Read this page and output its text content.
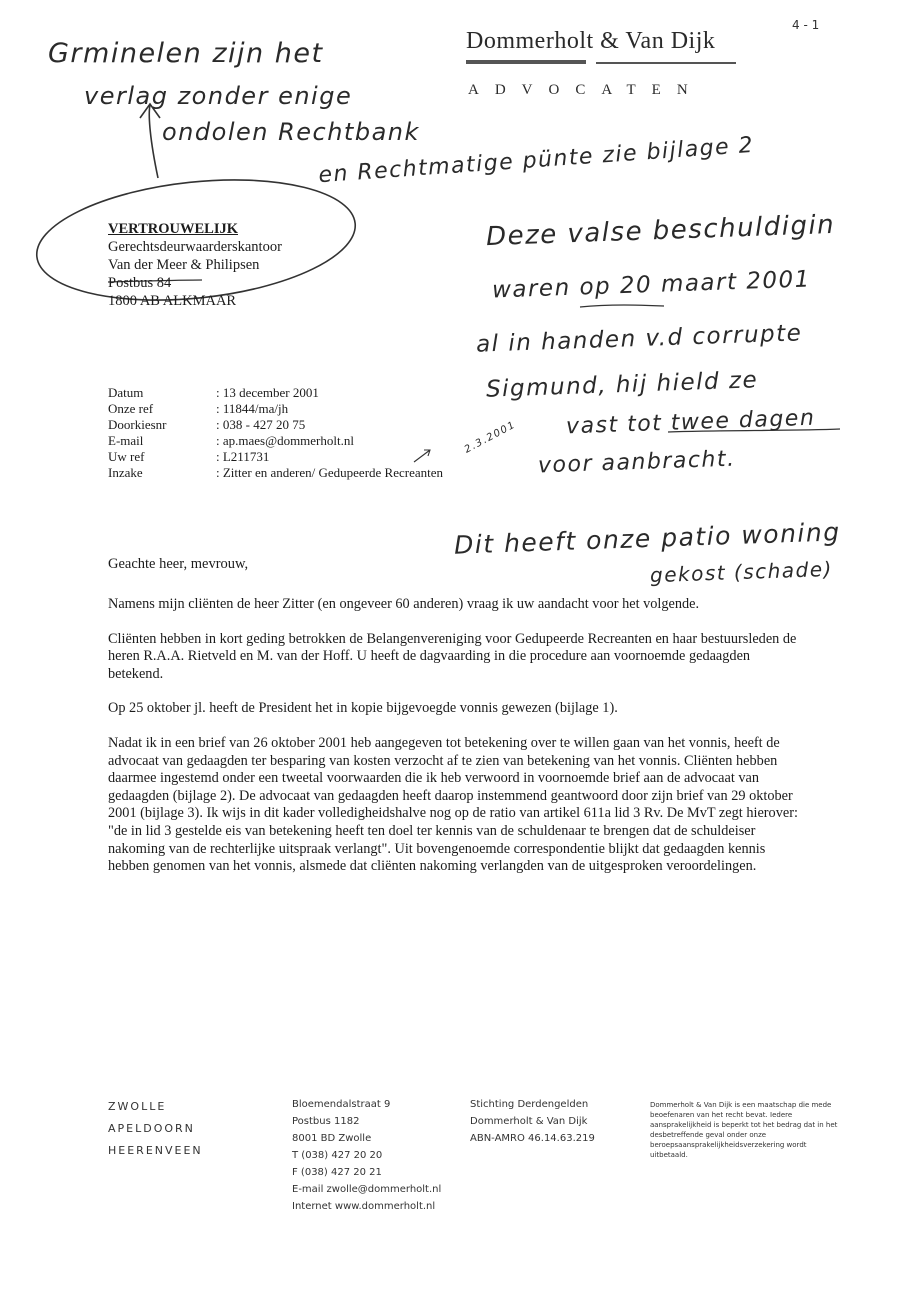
4 - 1
Dommerholt & Van Dijk
ADVOCATEN
Grminelen zijn het
verlag zonder enige
ondolen Rechtbank
en Rechtmatige pünte zie bijlage 2
Deze valse beschuldigin
waren op 20 maart 2001
al in handen v.d corrupte
Sigmund, hij hield ze
vast tot twee dagen
voor aanbracht.
2.3.2001
Dit heeft onze patio woning
gekost (schade)
VERTROUWELIJK
Gerechtsdeurwaarderskantoor
Van der Meer & Philipsen
Postbus 84
1800 AB ALKMAAR
Datum	: 13 december 2001
Onze ref	: 11844/ma/jh
Doorkiesnr	: 038 - 427 20 75
E-mail	: ap.maes@dommerholt.nl
Uw ref	: L211731
Inzake	: Zitter en anderen/ Gedupeerde Recreanten
Geachte heer, mevrouw,

Namens mijn cliënten de heer Zitter (en ongeveer 60 anderen) vraag ik uw aandacht voor het volgende.

Cliënten hebben in kort geding betrokken de Belangenvereniging voor Gedupeerde Recreanten en haar bestuursleden de heren R.A.A. Rietveld en M. van der Hoff. U heeft de dagvaarding in die procedure aan voornoemde gedaagden betekend.

Op 25 oktober jl. heeft de President het in kopie bijgevoegde vonnis gewezen (bijlage 1).

Nadat ik in een brief van 26 oktober 2001 heb aangegeven tot betekening over te willen gaan van het vonnis, heeft de advocaat van gedaagden ter besparing van kosten verzocht af te zien van betekening van het vonnis. Cliënten hebben daarmee ingestemd onder een tweetal voorwaarden die ik heb verwoord in voornoemde brief aan de advocaat van gedaagden (bijlage 2). De advocaat van gedaagden heeft daarop instemmend geantwoord door zijn brief van 29 oktober 2001 (bijlage 3). Ik wijs in dit kader volledigheidshalve nog op de ratio van artikel 611a lid 3 Rv. De MvT zegt hierover: "de in lid 3 gestelde eis van betekening heeft ten doel ter kennis van de schuldenaar te brengen dat de schuldeiser nakoming van de rechterlijke uitspraak verlangt". Uit bovengenoemde correspondentie blijkt dat gedaagden kennis hebben genomen van het vonnis, alsmede dat cliënten nakoming verlangden van de uitgesproken veroordelingen.

ZWOLLE
APELDOORN
HEERENVEEN
Bloemendalstraat 9
Postbus 1182
8001 BD Zwolle
T (038) 427 20 20
F (038) 427 20 21
E-mail zwolle@dommerholt.nl
Internet www.dommerholt.nl
Stichting Derdengelden
Dommerholt & Van Dijk
ABN-AMRO 46.14.63.219
Dommerholt & Van Dijk is een maatschap die mede beoefenaren van het recht bevat. Iedere aansprakelijkheid is beperkt tot het bedrag dat in het desbetreffende geval onder onze beroepsaansprakelijkheidsverzekering wordt uitbetaald.
